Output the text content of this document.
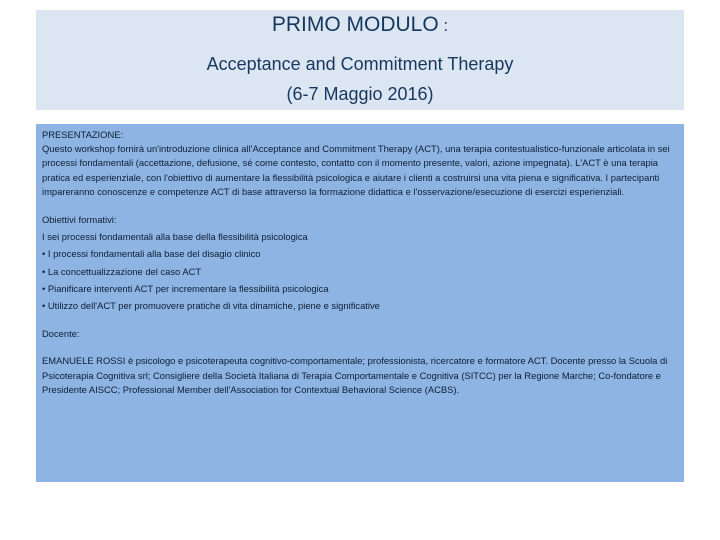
PRIMO MODULO :
Acceptance and Commitment Therapy
(6-7 Maggio 2016)

PRESENTAZIONE:

Questo workshop fornirà un'introduzione clinica all'Acceptance and Commitment Therapy (ACT), una terapia contestualistico-funzionale articolata in sei processi fondamentali (accettazione, defusione, sé come contesto, contatto con il momento presente, valori, azione impegnata). L'ACT è una terapia pratica ed esperienziale, con l'obiettivo di aumentare la flessibilità psicologica e aiutare i clienti a costruirsi una vita piena e significativa. I partecipanti impareranno conoscenze e competenze ACT di base attraverso la formazione didattica e l'osservazione/esecuzione di esercizi esperienziali.

Obiettivi formativi:

I sei processi fondamentali alla base della flessibilità psicologica
• I processi fondamentali alla base del disagio clinico
• La concettualizzazione del caso ACT
• Pianificare interventi ACT per incrementare la flessibilità psicologica
• Utilizzo dell'ACT per promuovere pratiche di vita dinamiche, piene e significative

Docente:

EMANUELE ROSSI è psicologo e psicoterapeuta cognitivo-comportamentale; professionista, ricercatore e formatore ACT. Docente presso la Scuola di Psicoterapia Cognitiva srl; Consigliere della Società Italiana di Terapia Comportamentale e Cognitiva (SITCC) per la Regione Marche; Co-fondatore e Presidente AISCC; Professional Member dell'Association for Contextual Behavioral Science (ACBS).
